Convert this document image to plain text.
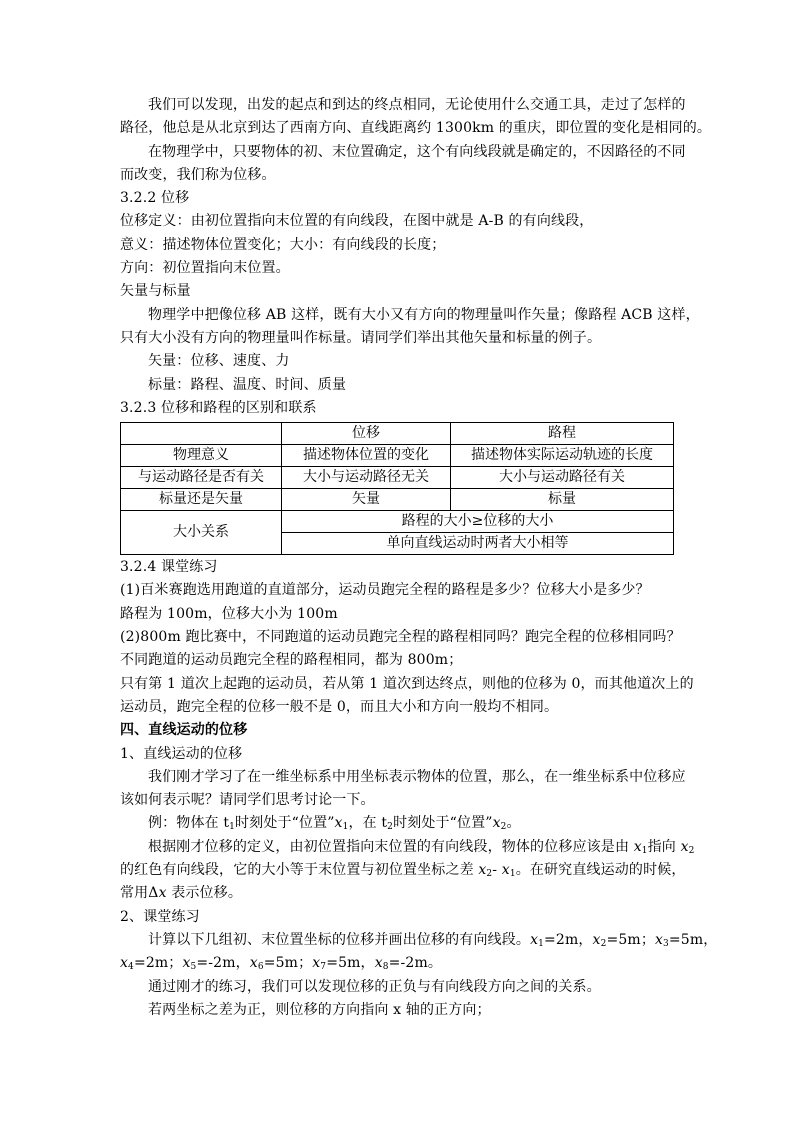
我们可以发现，出发的起点和到达的终点相同，无论使用什么交通工具，走过了怎样的

路径，他总是从北京到达了西南方向、直线距离约 1300km 的重庆，即位置的变化是相同的。

在物理学中，只要物体的初、末位置确定，这个有向线段就是确定的，不因路径的不同

而改变，我们称为位移。

3.2.2 位移

位移定义：由初位置指向末位置的有向线段，在图中就是 A-B 的有向线段，

意义：描述物体位置变化；大小：有向线段的长度；

方向：初位置指向末位置。

矢量与标量

物理学中把像位移 AB 这样，既有大小又有方向的物理量叫作矢量；像路程 ACB 这样，

只有大小没有方向的物理量叫作标量。请同学们举出其他矢量和标量的例子。

矢量：位移、速度、力

标量：路程、温度、时间、质量

3.2.3 位移和路程的区别和联系

	位移	路程
物理意义	描述物体位置的变化	描述物体实际运动轨迹的长度
与运动路径是否有关	大小与运动路径无关	大小与运动路径有关
标量还是矢量	矢量	标量
大小关系	路程的大小≥位移的大小	
	单向直线运动时两者大小相等	

3.2.4 课堂练习

(1)百米赛跑选用跑道的直道部分，运动员跑完全程的路程是多少？位移大小是多少？

路程为 100m，位移大小为 100m

(2)800m 跑比赛中，不同跑道的运动员跑完全程的路程相同吗？跑完全程的位移相同吗？

不同跑道的运动员跑完全程的路程相同，都为 800m；

只有第 1 道次上起跑的运动员，若从第 1 道次到达终点，则他的位移为 0，而其他道次上的

运动员，跑完全程的位移一般不是 0，而且大小和方向一般均不相同。

四、直线运动的位移

1、直线运动的位移

我们刚才学习了在一维坐标系中用坐标表示物体的位置，那么，在一维坐标系中位移应

该如何表示呢？请同学们思考讨论一下。

例：物体在 $t_1$时刻处于“位置$”x_1$，在 $t_2$时刻处于“位置$”x_2$。

根据刚才位移的定义，由初位置指向末位置的有向线段，物体的位移应该是由 $x_1$指向 $x_2$

的红色有向线段，它的大小等于末位置与初位置坐标之差 $x_2-$ $x_1$。在研究直线运动的时候，

常用Δx 表示位移。

2、课堂练习

计算以下几组初、末位置坐标的位移并画出位移的有向线段。$x_1=2m$，$x_2=5m$；$x_3=5m$，

$x_4=2m$；$x_5=-2m$，$x_6=5m$；$x_7=5m$，$x_8=-2m$。

通过刚才的练习，我们可以发现位移的正负与有向线段方向之间的关系。

若两坐标之差为正，则位移的方向指向 x 轴的正方向；
